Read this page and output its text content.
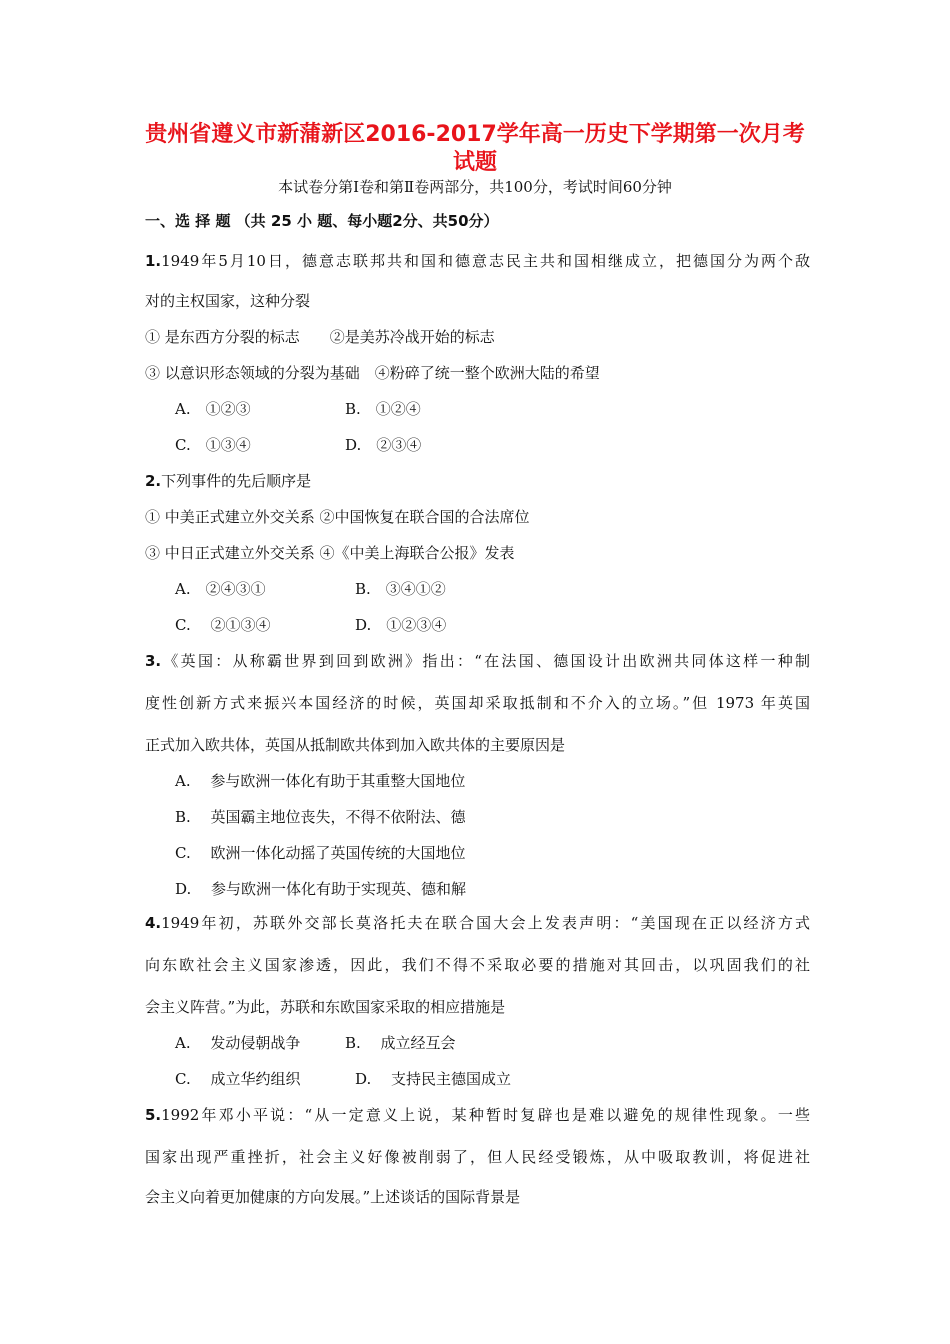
贵州省遵义市新蒲新区2016-2017学年高一历史下学期第一次月考
试题

本试卷分第Ⅰ卷和第Ⅱ卷两部分，共100分，考试时间60分钟

一、选 择 题 （共 25 小 题、每小题2分、共50分）

1.1949年5月10日，德意志联邦共和国和德意志民主共和国相继成立，把德国分为两个敌

对的主权国家，这种分裂

① 是东西方分裂的标志　　②是美苏冷战开始的标志

③ 以意识形态领域的分裂为基础　④粉碎了统一整个欧洲大陆的希望

A.　①②③	B.　①②④

C.　①③④	D.　②③④

2.下列事件的先后顺序是

① 中美正式建立外交关系 ②中国恢复在联合国的合法席位

③ 中日正式建立外交关系 ④《中美上海联合公报》发表

A.　②④③①	B.　③④①②

C.　 ②①③④	D.　①②③④

3.《英国：从称霸世界到回到欧洲》指出：“在法国、德国设计出欧洲共同体这样一种制

度性创新方式来振兴本国经济的时候，英国却采取抵制和不介入的立场。”但 1973 年英国

正式加入欧共体，英国从抵制欧共体到加入欧共体的主要原因是

A.　 参与欧洲一体化有助于其重整大国地位

B.　 英国霸主地位丧失，不得不依附法、德

C.　 欧洲一体化动摇了英国传统的大国地位

D.　 参与欧洲一体化有助于实现英、德和解

4.1949年初，苏联外交部长莫洛托夫在联合国大会上发表声明：“美国现在正以经济方式

向东欧社会主义国家渗透，因此，我们不得不采取必要的措施对其回击，以巩固我们的社

会主义阵营。”为此，苏联和东欧国家采取的相应措施是

A.　 发动侵朝战争	B.　 成立经互会

C.　 成立华约组织	D.　 支持民主德国成立

5.1992年邓小平说：“从一定意义上说，某种暂时复辟也是难以避免的规律性现象。一些

国家出现严重挫折，社会主义好像被削弱了，但人民经受锻炼，从中吸取教训，将促进社

会主义向着更加健康的方向发展。”上述谈话的国际背景是
